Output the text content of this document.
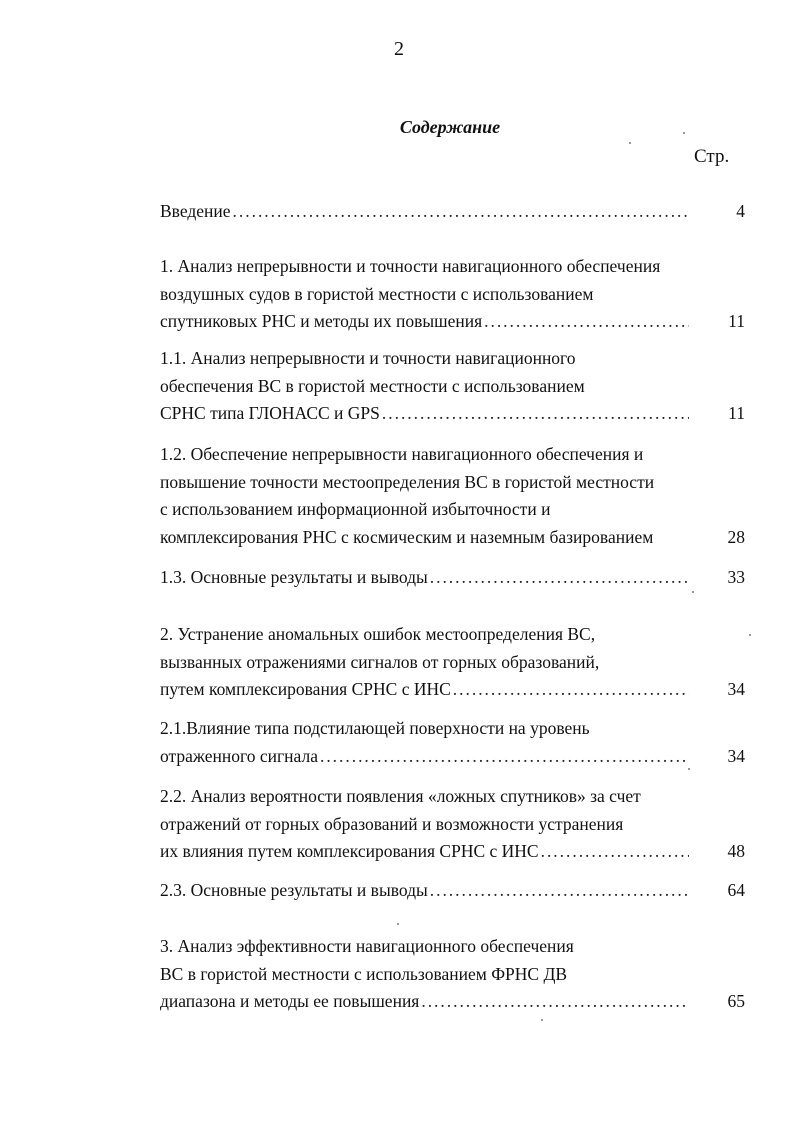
2
Содержание
Стр.
Введение . . .	4
1. Анализ непрерывности и точности навигационного обеспечения
воздушных судов в гористой местности с использованием
спутниковых РНС и методы их повышения . . .	11
1.1. Анализ непрерывности и точности навигационного
обеспечения ВС в гористой местности с использованием
СРНС типа ГЛОНАСС и GPS . . .	11
1.2. Обеспечение непрерывности навигационного обеспечения и
повышение точности местоопределения ВС в гористой местности
с использованием информационной избыточности и
комплексирования РНС с космическим и наземным базированием	28
1.3. Основные результаты и выводы . . .	33
2. Устранение аномальных ошибок местоопределения ВС,
вызванных отражениями сигналов от горных образований,
путем комплексирования СРНС с ИНС . . .	34
2.1.Влияние типа подстилающей поверхности на уровень
отраженного сигнала . . .	34
2.2. Анализ вероятности появления «ложных спутников» за счет
отражений от горных образований и возможности устранения
их влияния путем комплексирования СРНС с ИНС . . .	48
2.3. Основные результаты и выводы . . .	64
3. Анализ эффективности навигационного обеспечения
ВС в гористой местности с использованием ФРНС ДВ
диапазона и методы ее повышения . . .	65
